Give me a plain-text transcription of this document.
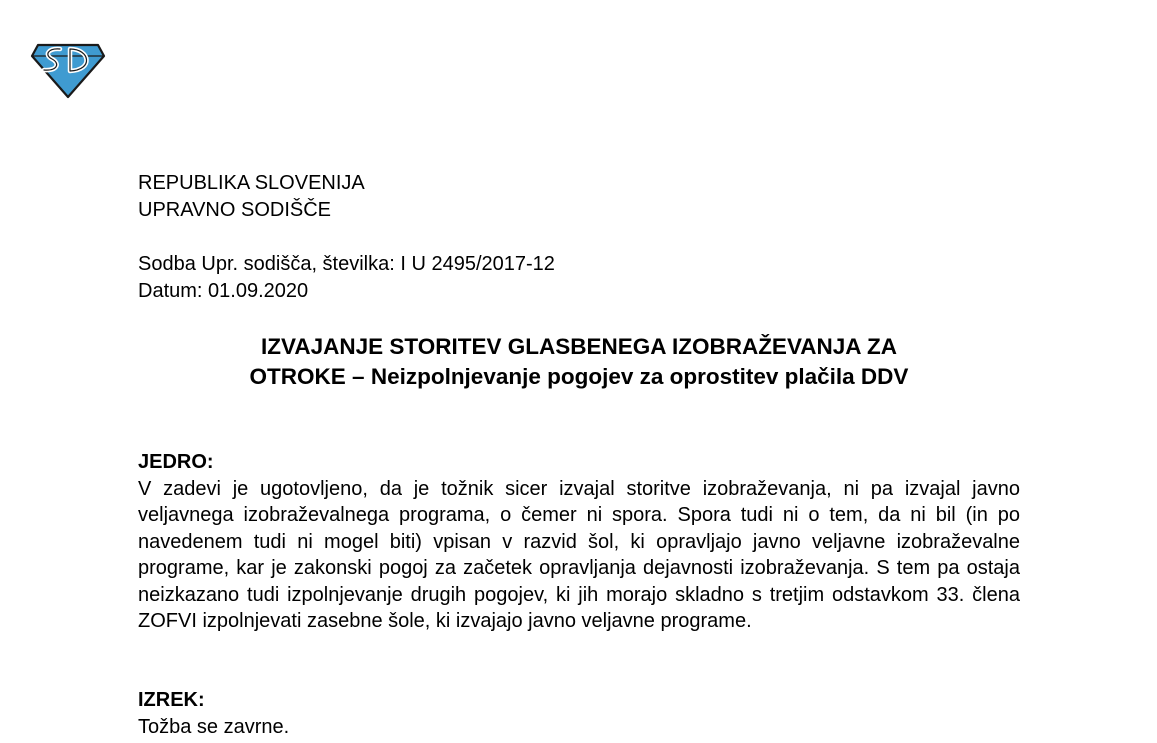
REPUBLIKA SLOVENIJA
UPRAVNO SODIŠČE
Sodba Upr. sodišča, številka: I U 2495/2017-12
Datum: 01.09.2020
IZVAJANJE STORITEV GLASBENEGA IZOBRAŽEVANJA ZA
OTROKE – Neizpolnjevanje pogojev za oprostitev plačila DDV
JEDRO:
V zadevi je ugotovljeno, da je tožnik sicer izvajal storitve izobraževanja, ni pa izvajal javno veljavnega izobraževalnega programa, o čemer ni spora. Spora tudi ni o tem, da ni bil (in po navedenem tudi ni mogel biti) vpisan v razvid šol, ki opravljajo javno veljavne izobraževalne programe, kar je zakonski pogoj za začetek opravljanja dejavnosti izobraževanja. S tem pa ostaja neizkazano tudi izpolnjevanje drugih pogojev, ki jih morajo skladno s tretjim odstavkom 33. člena ZOFVI izpolnjevati zasebne šole, ki izvajajo javno veljavne programe.
IZREK:
Tožba se zavrne.
